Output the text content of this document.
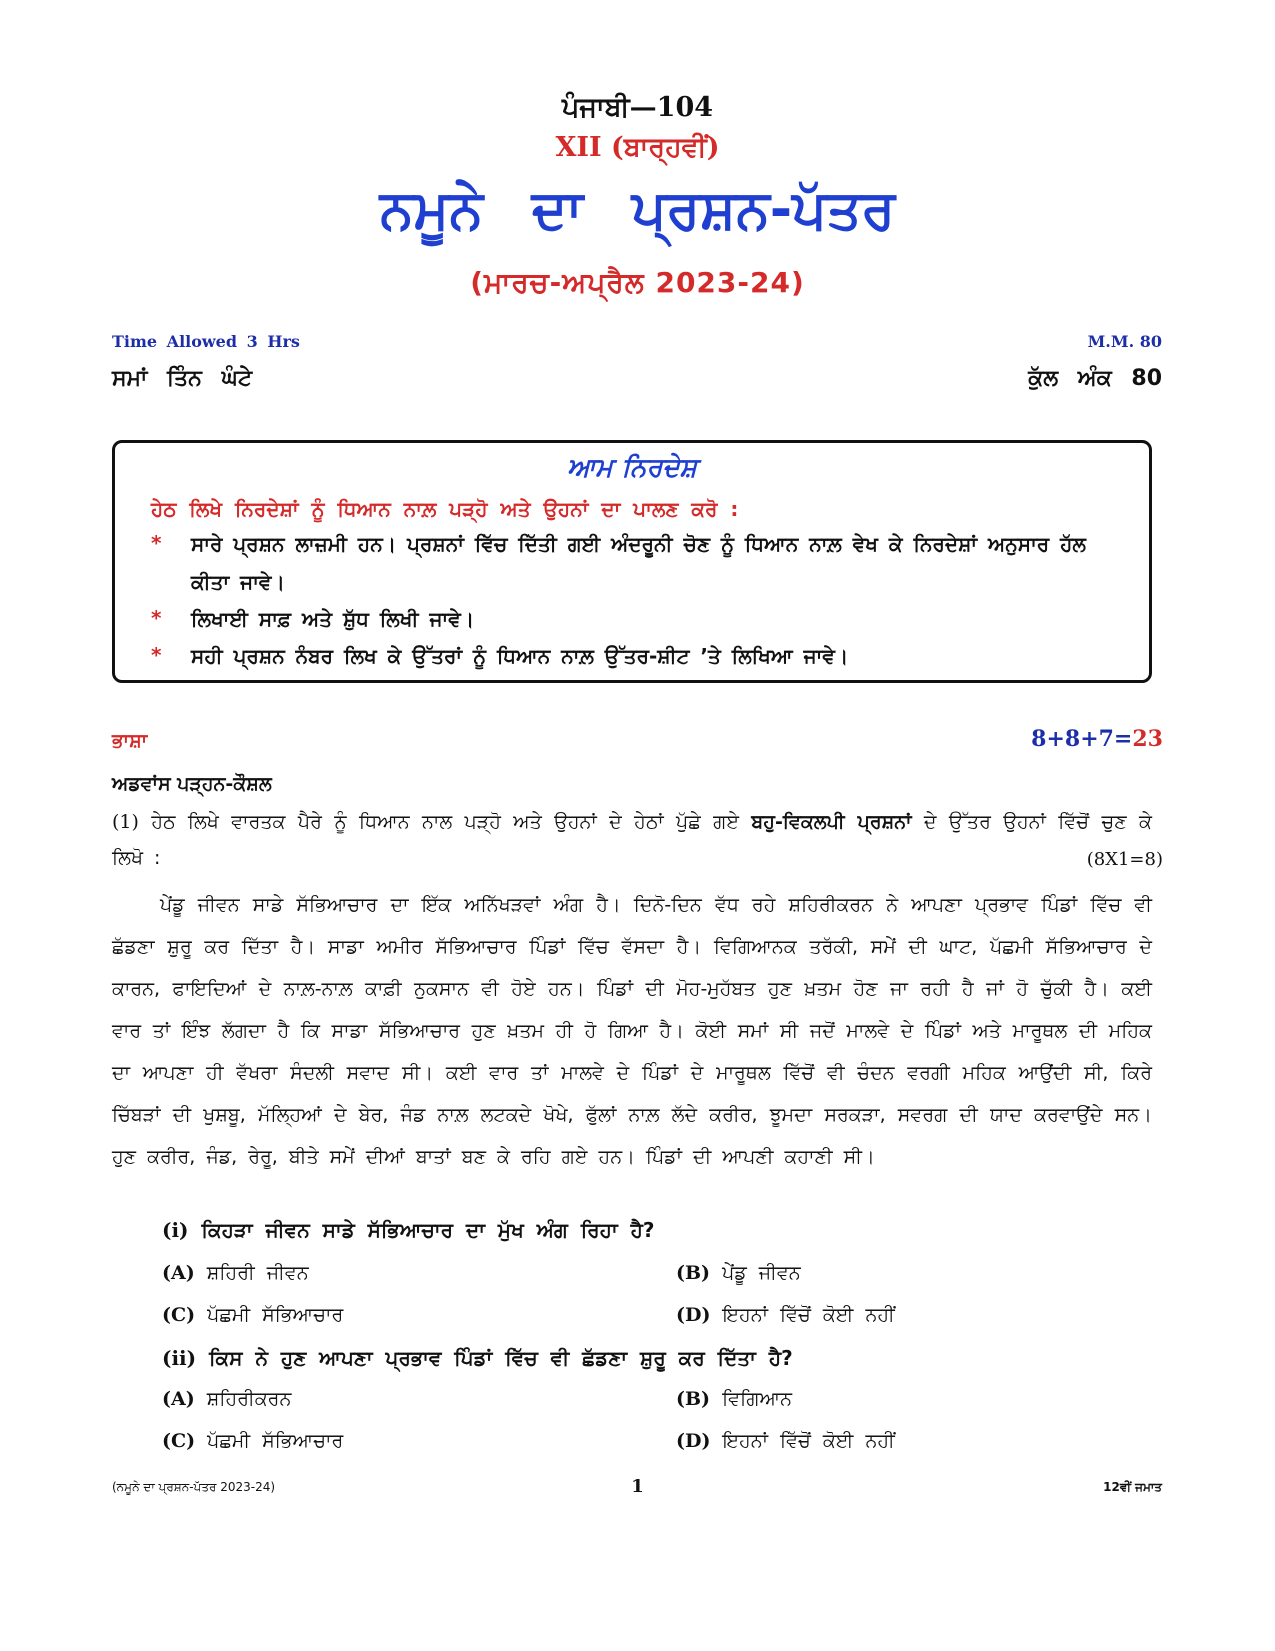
ਪੰਜਾਬੀ—104
XII (ਬਾਰ੍ਹਵੀਂ)
ਨਮੂਨੇ ਦਾ ਪ੍ਰਸ਼ਨ-ਪੱਤਰ
(ਮਾਰਚ-ਅਪ੍ਰੈਲ 2023-24)
Time Allowed 3 Hrs	M.M. 80
ਸਮਾਂ ਤਿੰਨ ਘੰਟੇ	ਕੁੱਲ ਅੰਕ 80
ਆਮ ਨਿਰਦੇਸ਼
ਹੇਠ ਲਿਖੇ ਨਿਰਦੇਸ਼ਾਂ ਨੂੰ ਧਿਆਨ ਨਾਲ਼ ਪੜ੍ਹੋ ਅਤੇ ਉਹਨਾਂ ਦਾ ਪਾਲਣ ਕਰੋ :
* ਸਾਰੇ ਪ੍ਰਸ਼ਨ ਲਾਜ਼ਮੀ ਹਨ। ਪ੍ਰਸ਼ਨਾਂ ਵਿੱਚ ਦਿੱਤੀ ਗਈ ਅੰਦਰੂਨੀ ਚੋਣ ਨੂੰ ਧਿਆਨ ਨਾਲ਼ ਵੇਖ ਕੇ ਨਿਰਦੇਸ਼ਾਂ ਅਨੁਸਾਰ ਹੱਲ ਕੀਤਾ ਜਾਵੇ।
* ਲਿਖਾਈ ਸਾਫ਼ ਅਤੇ ਸ਼ੁੱਧ ਲਿਖੀ ਜਾਵੇ।
* ਸਹੀ ਪ੍ਰਸ਼ਨ ਨੰਬਰ ਲਿਖ ਕੇ ਉੱਤਰਾਂ ਨੂੰ ਧਿਆਨ ਨਾਲ਼ ਉੱਤਰ-ਸ਼ੀਟ ’ਤੇ ਲਿਖਿਆ ਜਾਵੇ।
ਭਾਸ਼ਾ	8+8+7=23
ਅਡਵਾਂਸ ਪੜ੍ਹਨ-ਕੌਸ਼ਲ
(1) ਹੇਠ ਲਿਖੇ ਵਾਰਤਕ ਪੈਰੇ ਨੂੰ ਧਿਆਨ ਨਾਲ ਪੜ੍ਹੋ ਅਤੇ ਉਹਨਾਂ ਦੇ ਹੇਠਾਂ ਪੁੱਛੇ ਗਏ ਬਹੁ-ਵਿਕਲਪੀ ਪ੍ਰਸ਼ਨਾਂ ਦੇ ਉੱਤਰ ਉਹਨਾਂ ਵਿੱਚੋਂ ਚੁਣ ਕੇ ਲਿਖੋ :	(8X1=8)
ਪੇਂਡੂ ਜੀਵਨ ਸਾਡੇ ਸੱਭਿਆਚਾਰ ਦਾ ਇੱਕ ਅਨਿੱਖੜਵਾਂ ਅੰਗ ਹੈ। ਦਿਨੋ-ਦਿਨ ਵੱਧ ਰਹੇ ਸ਼ਹਿਰੀਕਰਨ ਨੇ ਆਪਣਾ ਪ੍ਰਭਾਵ ਪਿੰਡਾਂ ਵਿੱਚ ਵੀ ਛੱਡਣਾ ਸ਼ੁਰੂ ਕਰ ਦਿੱਤਾ ਹੈ। ਸਾਡਾ ਅਮੀਰ ਸੱਭਿਆਚਾਰ ਪਿੰਡਾਂ ਵਿੱਚ ਵੱਸਦਾ ਹੈ। ਵਿਗਿਆਨਕ ਤਰੱਕੀ, ਸਮੇਂ ਦੀ ਘਾਟ, ਪੱਛਮੀ ਸੱਭਿਆਚਾਰ ਦੇ ਕਾਰਨ, ਫਾਇਦਿਆਂ ਦੇ ਨਾਲ਼-ਨਾਲ਼ ਕਾਫ਼ੀ ਨੁਕਸਾਨ ਵੀ ਹੋਏ ਹਨ। ਪਿੰਡਾਂ ਦੀ ਮੋਹ-ਮੁਹੱਬਤ ਹੁਣ ਖ਼ਤਮ ਹੋਣ ਜਾ ਰਹੀ ਹੈ ਜਾਂ ਹੋ ਚੁੱਕੀ ਹੈ। ਕਈ ਵਾਰ ਤਾਂ ਇੰਝ ਲੱਗਦਾ ਹੈ ਕਿ ਸਾਡਾ ਸੱਭਿਆਚਾਰ ਹੁਣ ਖ਼ਤਮ ਹੀ ਹੋ ਗਿਆ ਹੈ। ਕੋਈ ਸਮਾਂ ਸੀ ਜਦੋਂ ਮਾਲਵੇ ਦੇ ਪਿੰਡਾਂ ਅਤੇ ਮਾਰੂਥਲ ਦੀ ਮਹਿਕ ਦਾ ਆਪਣਾ ਹੀ ਵੱਖਰਾ ਸੰਦਲੀ ਸਵਾਦ ਸੀ। ਕਈ ਵਾਰ ਤਾਂ ਮਾਲਵੇ ਦੇ ਪਿੰਡਾਂ ਦੇ ਮਾਰੂਥਲ ਵਿੱਚੋਂ ਵੀ ਚੰਦਨ ਵਰਗੀ ਮਹਿਕ ਆਉਂਦੀ ਸੀ, ਕਿਰੇ ਚਿੱਬੜਾਂ ਦੀ ਖੁਸ਼ਬੂ, ਮੱਲ੍ਹਿਆਂ ਦੇ ਬੇਰ, ਜੰਡ ਨਾਲ਼ ਲਟਕਦੇ ਖੋਖੇ, ਫੁੱਲਾਂ ਨਾਲ਼ ਲੱਦੇ ਕਰੀਰ, ਝੂਮਦਾ ਸਰਕੜਾ, ਸਵਰਗ ਦੀ ਯਾਦ ਕਰਵਾਉਂਦੇ ਸਨ। ਹੁਣ ਕਰੀਰ, ਜੰਡ, ਰੇਰੂ, ਬੀਤੇ ਸਮੇਂ ਦੀਆਂ ਬਾਤਾਂ ਬਣ ਕੇ ਰਹਿ ਗਏ ਹਨ। ਪਿੰਡਾਂ ਦੀ ਆਪਣੀ ਕਹਾਣੀ ਸੀ।
(i) ਕਿਹੜਾ ਜੀਵਨ ਸਾਡੇ ਸੱਭਿਆਚਾਰ ਦਾ ਮੁੱਖ ਅੰਗ ਰਿਹਾ ਹੈ?
(A) ਸ਼ਹਿਰੀ ਜੀਵਨ	(B) ਪੇਂਡੂ ਜੀਵਨ
(C) ਪੱਛਮੀ ਸੱਭਿਆਚਾਰ	(D) ਇਹਨਾਂ ਵਿੱਚੋਂ ਕੋਈ ਨਹੀਂ
(ii) ਕਿਸ ਨੇ ਹੁਣ ਆਪਣਾ ਪ੍ਰਭਾਵ ਪਿੰਡਾਂ ਵਿੱਚ ਵੀ ਛੱਡਣਾ ਸ਼ੁਰੂ ਕਰ ਦਿੱਤਾ ਹੈ?
(A) ਸ਼ਹਿਰੀਕਰਨ	(B) ਵਿਗਿਆਨ
(C) ਪੱਛਮੀ ਸੱਭਿਆਚਾਰ	(D) ਇਹਨਾਂ ਵਿੱਚੋਂ ਕੋਈ ਨਹੀਂ
(ਨਮੂਨੇ ਦਾ ਪ੍ਰਸ਼ਨ-ਪੱਤਰ 2023-24)	1	12ਵੀਂ ਜਮਾਤ
